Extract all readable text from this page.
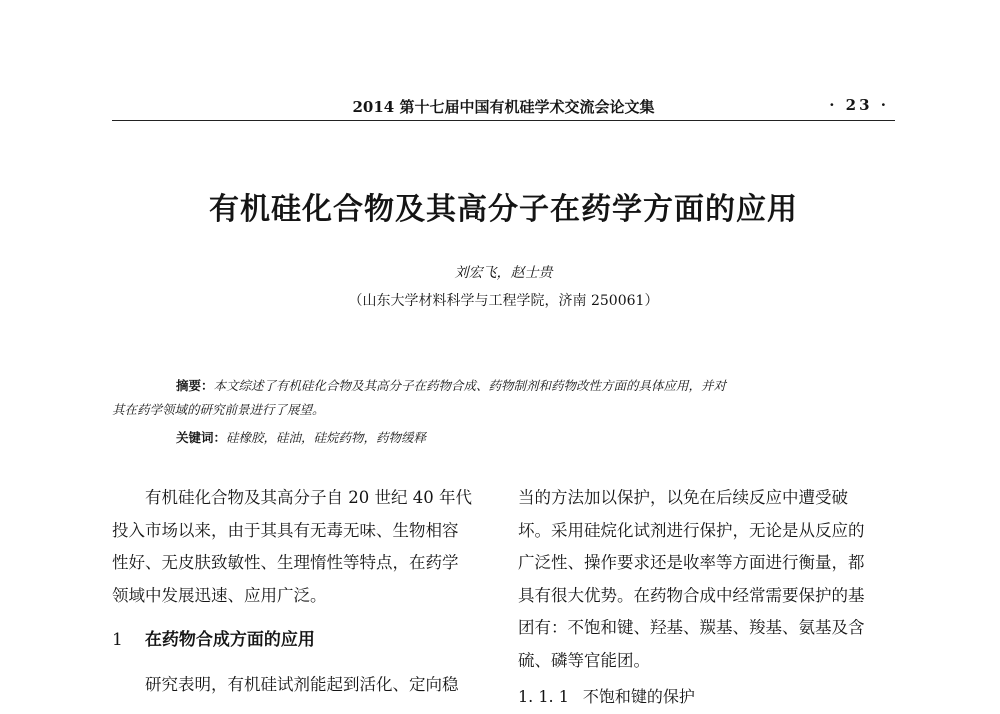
2014 第十七届中国有机硅学术交流会论文集	· 23 ·
有机硅化合物及其高分子在药学方面的应用
刘宏飞，赵士贵
（山东大学材料科学与工程学院，济南 250061）
摘要：本文综述了有机硅化合物及其高分子在药物合成、药物制剂和药物改性方面的具体应用，并对
其在药学领域的研究前景进行了展望。
关键词：硅橡胶，硅油，硅烷药物，药物缓释
有机硅化合物及其高分子自 20 世纪 40 年代
投入市场以来，由于其具有无毒无味、生物相容
性好、无皮肤致敏性、生理惰性等特点，在药学
领域中发展迅速、应用广泛。
1 在药物合成方面的应用
研究表明，有机硅试剂能起到活化、定向稳
当的方法加以保护，以免在后续反应中遭受破
坏。采用硅烷化试剂进行保护，无论是从反应的
广泛性、操作要求还是收率等方面进行衡量，都
具有很大优势。在药物合成中经常需要保护的基
团有：不饱和键、羟基、羰基、羧基、氨基及含
硫、磷等官能团。
1. 1. 1 不饱和键的保护
